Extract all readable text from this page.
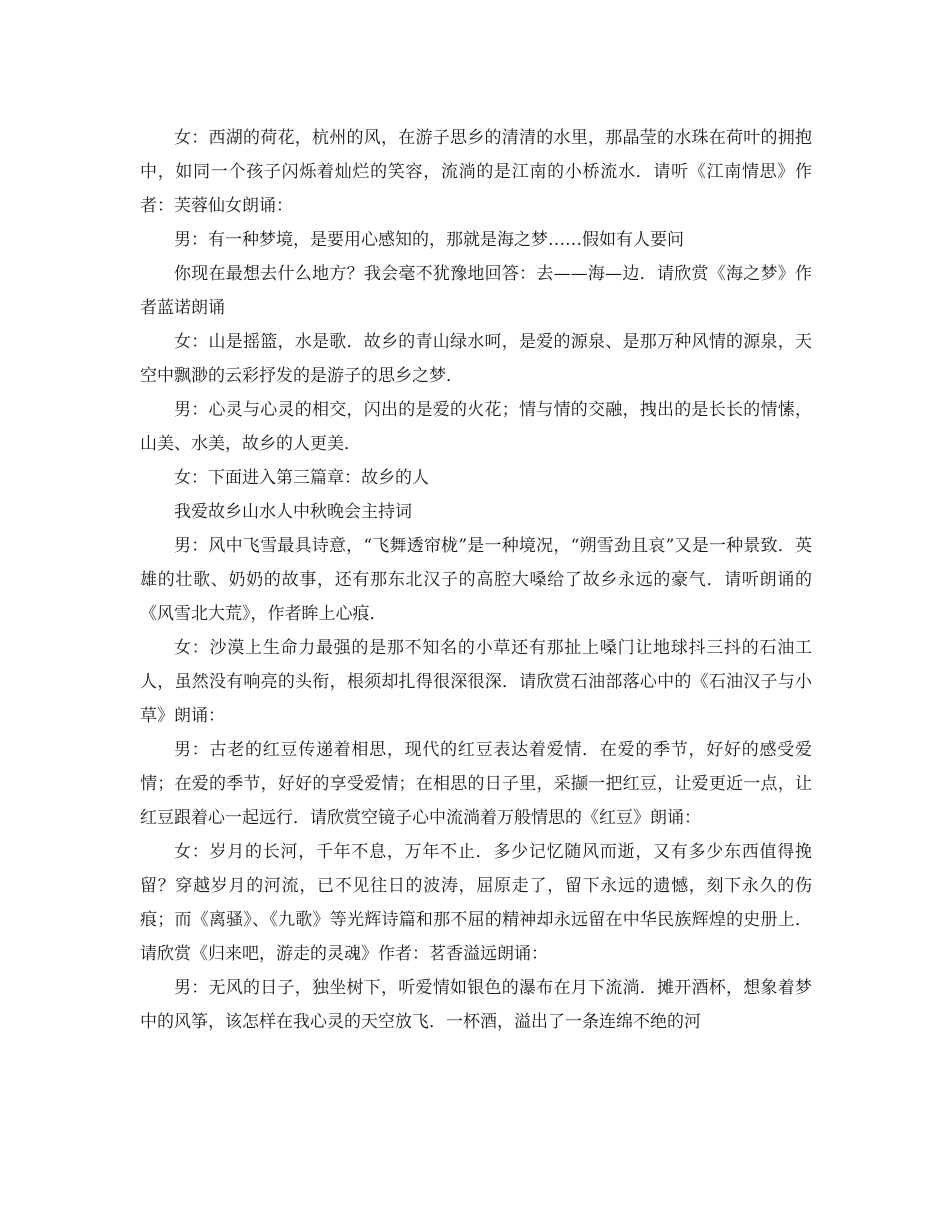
女：西湖的荷花，杭州的风，在游子思乡的清清的水里，那晶莹的水珠在荷叶的拥抱中，如同一个孩子闪烁着灿烂的笑容，流淌的是江南的小桥流水．请听《江南情思》作者：芙蓉仙女朗诵：

男：有一种梦境，是要用心感知的，那就是海之梦……假如有人要问

你现在最想去什么地方？我会毫不犹豫地回答：去——海—边．请欣赏《海之梦》作者蓝诺朗诵

女：山是摇篮，水是歌．故乡的青山绿水呵，是爱的源泉、是那万种风情的源泉，天空中飘渺的云彩抒发的是游子的思乡之梦．

男：心灵与心灵的相交，闪出的是爱的火花；情与情的交融，拽出的是长长的情愫，山美、水美，故乡的人更美．

女：下面进入第三篇章：故乡的人

我爱故乡山水人中秋晚会主持词

男：风中飞雪最具诗意，“飞舞透帘栊”是一种境况，“朔雪劲且哀”又是一种景致．英雄的壮歌、奶奶的故事，还有那东北汉子的高腔大嗓给了故乡永远的豪气．请听朗诵的《风雪北大荒》，作者眸上心痕．

女：沙漠上生命力最强的是那不知名的小草还有那扯上嗓门让地球抖三抖的石油工人，虽然没有响亮的头衔，根须却扎得很深很深．请欣赏石油部落心中的《石油汉子与小草》朗诵：

男：古老的红豆传递着相思，现代的红豆表达着爱情．在爱的季节，好好的感受爱情；在爱的季节，好好的享受爱情；在相思的日子里，采撷一把红豆，让爱更近一点，让红豆跟着心一起远行．请欣赏空镜子心中流淌着万般情思的《红豆》朗诵：

女：岁月的长河，千年不息，万年不止．多少记忆随风而逝，又有多少东西值得挽留？穿越岁月的河流，已不见往日的波涛，屈原走了，留下永远的遗憾，刻下永久的伤痕；而《离骚》、《九歌》等光辉诗篇和那不屈的精神却永远留在中华民族辉煌的史册上．请欣赏《归来吧，游走的灵魂》作者：茗香溢远朗诵：

男：无风的日子，独坐树下，听爱情如银色的瀑布在月下流淌．摊开酒杯，想象着梦中的风筝，该怎样在我心灵的天空放飞．一杯酒，溢出了一条连绵不绝的河
